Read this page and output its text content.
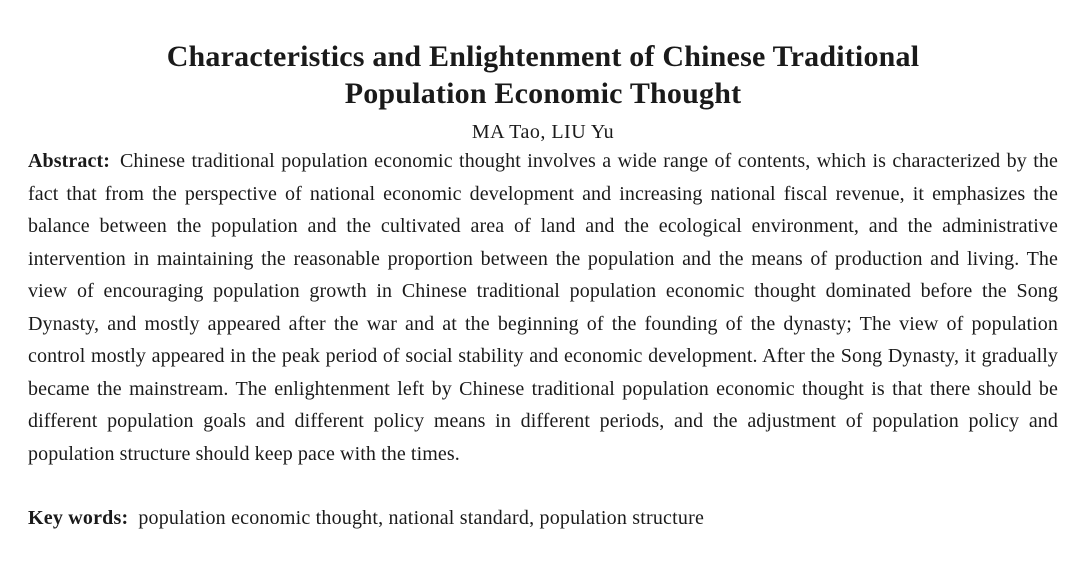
Characteristics and Enlightenment of Chinese Traditional
Population Economic Thought
MA Tao, LIU Yu
Abstract: Chinese traditional population economic thought involves a wide range of contents, which is characterized by the fact that from the perspective of national economic development and increasing national fiscal revenue, it emphasizes the balance between the population and the cultivated area of land and the ecological environment, and the administrative intervention in maintaining the reasonable proportion between the population and the means of production and living. The view of encouraging population growth in Chinese traditional population economic thought dominated before the Song Dynasty, and mostly appeared after the war and at the beginning of the founding of the dynasty; The view of population control mostly appeared in the peak period of social stability and economic development. After the Song Dynasty, it gradually became the mainstream. The enlightenment left by Chinese traditional population economic thought is that there should be different population goals and different policy means in different periods, and the adjustment of population policy and population structure should keep pace with the times.
Key words: population economic thought, national standard, population structure
